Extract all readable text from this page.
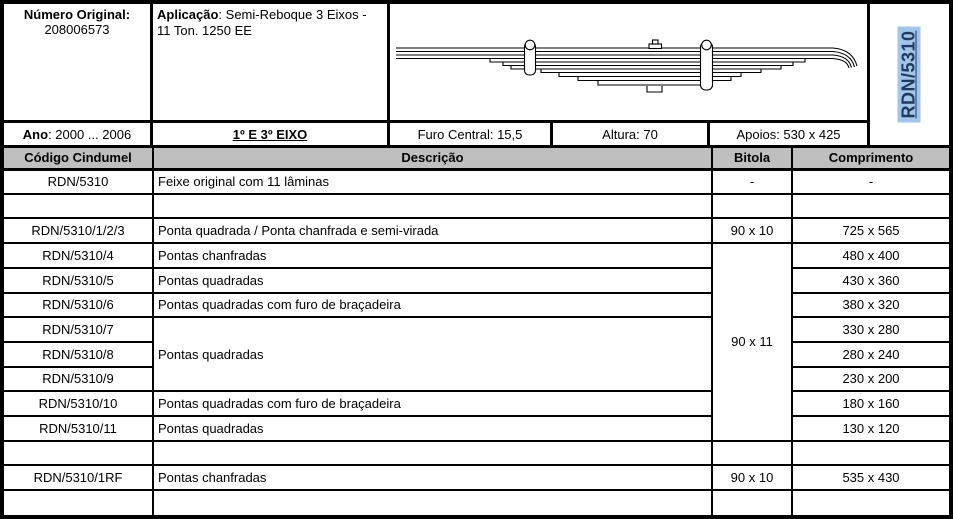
Número Original:
208006573
Aplicação: Semi-Reboque 3 Eixos - 11 Ton. 1250 EE	RDN/5310
Ano : 2000 ... 2006	1º E 3º EIXO	Furo Central: 15,5	Altura: 70	Apoios: 530 x 425
Código Cindumel	Descrição	Bitola	Comprimento
RDN/5310	Feixe original com 11 lâminas	-	-

RDN/5310/1/2/3	Ponta quadrada / Ponta chanfrada e semi-virada	90 x 10	725 x 565
RDN/5310/4	Pontas chanfradas	90 x 11	480 x 400
RDN/5310/5	Pontas quadradas		430 x 360
RDN/5310/6	Pontas quadradas com furo de braçadeira		380 x 320
RDN/5310/7	Pontas quadradas		330 x 280
RDN/5310/8			280 x 240
RDN/5310/9			230 x 200
RDN/5310/10	Pontas quadradas com furo de braçadeira		180 x 160
RDN/5310/11	Pontas quadradas		130 x 120

RDN/5310/1RF	Pontas chanfradas	90 x 10	535 x 430
